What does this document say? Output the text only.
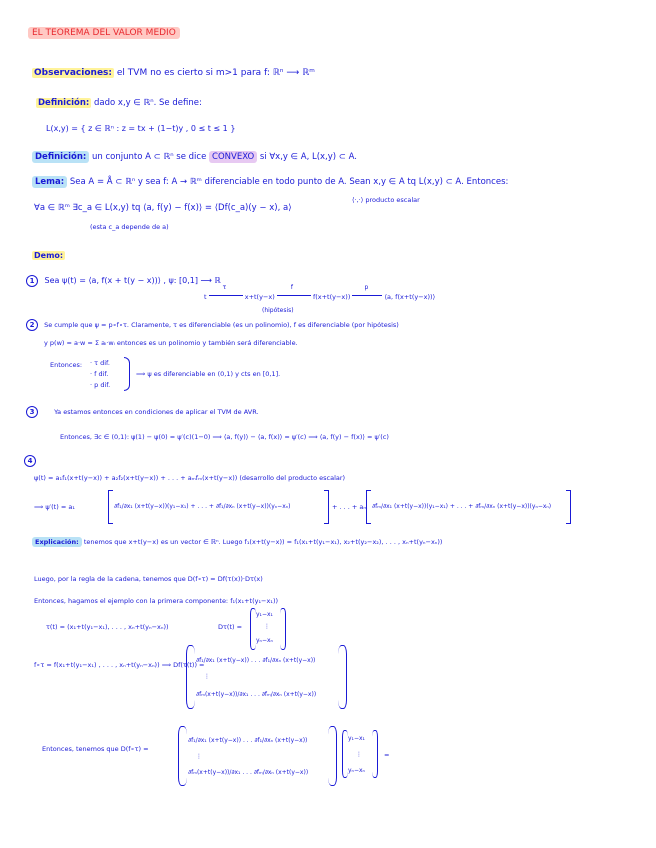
EL TEOREMA DEL VALOR MEDIO
Observaciones: el TVM no es cierto si m>1 para f: ℝⁿ ⟶ ℝᵐ
Definición: dado x,y ∈ ℝⁿ. Se define:
L(x,y) = { z ∈ ℝⁿ : z = tx + (1−t)y , 0 ≤ t ≤ 1 }
Definición: un conjunto A ⊂ ℝⁿ se dice CONVEXO si ∀x,y ∈ A, L(x,y) ⊂ A.
Lema: Sea A = Å ⊂ ℝⁿ y sea f: A → ℝᵐ diferenciable en todo punto de A. Sean x,y ∈ A tq L(x,y) ⊂ A. Entonces:
∀a ∈ ℝᵐ ∃c_a ∈ L(x,y) tq ⟨a, f(y) − f(x)⟩ = ⟨Df(c_a)(y − x), a⟩
⟨·,·⟩ producto escalar
(esta c_a depende de a)
Demo:
1 Sea ψ(t) = ⟨a, f(x + t(y − x))⟩ , ψ: [0,1] ⟶ ℝ
t
τ
x+t(y−x)
f
f(x+t(y−x))
p
⟨a, f(x+t(y−x))⟩
(hipótesis)
2 Se cumple que ψ = p∘f∘τ. Claramente, τ es diferenciable (es un polinomio), f es diferenciable (por hipótesis)
y p(w) = a·w = Σ aᵢ·wᵢ entonces es un polinomio y también será diferenciable.
Entonces: · τ dif.
· f dif.
· p dif.
⟹ ψ es diferenciable en (0,1) y cts en [0,1].
3	Ya estamos entonces en condiciones de aplicar el TVM de AVR.
Entonces, ∃c ∈ (0,1): ψ(1) − ψ(0) = ψ′(c)(1−0) ⟹ ⟨a, f(y)⟩ − ⟨a, f(x)⟩ = ψ′(c) ⟹ ⟨a, f(y) − f(x)⟩ = ψ′(c)
4
ψ(t) = a₁f₁(x+t(y−x)) + a₂f₂(x+t(y−x)) + . . . + aₘfₘ(x+t(y−x)) (desarrollo del producto escalar)
⟹ ψ′(t) = a₁	∂f₁/∂x₁ (x+t(y−x))(y₁−x₁) + . . . + ∂f₁/∂xₙ (x+t(y−x))(yₙ−xₙ)	+ . . . + aₘ ∂fₘ/∂x₁ (x+t(y−x))(y₁−x₁) + . . . + ∂fₘ/∂xₙ (x+t(y−x))(yₙ−xₙ)
Explicación: tenemos que x+t(y−x) es un vector ∈ ℝⁿ. Luego f₁(x+t(y−x)) = f₁(x₁+t(y₁−x₁), x₂+t(y₂−x₂), . . . , xₙ+t(yₙ−xₙ))
Luego, por la regla de la cadena, tenemos que D(f∘τ) = Df(τ(x))·Dτ(x)
Entonces, hagamos el ejemplo con la primera componente: f₁(x₁+t(y₁−x₁))
τ(t) = (x₁+t(y₁−x₁), . . . , xₙ+t(yₙ−xₙ))	Dτ(t) =
y₁−x₁
⋮
yₙ−xₙ
f∘τ = f(x₁+t(y₁−x₁) , . . . , xₙ+t(yₙ−xₙ)) ⟹ Df(τ(t)) =
∂f₁/∂x₁ (x+t(y−x)) . . . ∂f₁/∂xₙ (x+t(y−x))
⋮
∂fₘ(x+t(y−x))/∂x₁ . . . ∂fₘ/∂xₙ (x+t(y−x))
Entonces, tenemos que D(f∘τ) =
∂f₁/∂x₁ (x+t(y−x)) . . . ∂f₁/∂xₙ (x+t(y−x))
⋮
∂fₘ(x+t(y−x))/∂x₁ . . . ∂fₘ/∂xₙ (x+t(y−x))
y₁−x₁
⋮
yₙ−xₙ
=
